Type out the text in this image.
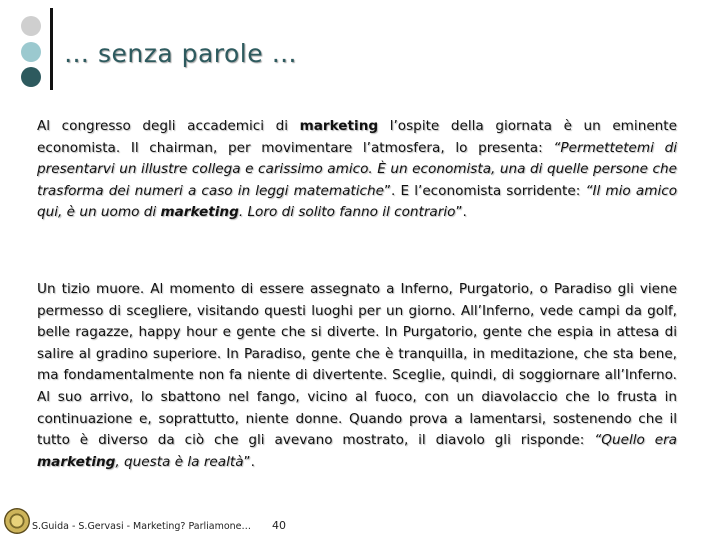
… senza parole …

Al congresso degli accademici di marketing l’ospite della giornata è un eminente economista. Il chairman, per movimentare l’atmosfera, lo presenta: “Permettetemi di presentarvi un illustre collega e carissimo amico. È un economista, una di quelle persone che trasforma dei numeri a caso in leggi matematiche”. E l’economista sorridente: “Il mio amico qui, è un uomo di marketing. Loro di solito fanno il contrario”.

Un tizio muore. Al momento di essere assegnato a Inferno, Purgatorio, o Paradiso gli viene permesso di scegliere, visitando questi luoghi per un giorno. All’Inferno, vede campi da golf, belle ragazze, happy hour e gente che si diverte. In Purgatorio, gente che espia in attesa di salire al gradino superiore. In Paradiso, gente che è tranquilla, in meditazione, che sta bene, ma fondamentalmente non fa niente di divertente. Sceglie, quindi, di soggiornare all’Inferno. Al suo arrivo, lo sbattono nel fango, vicino al fuoco, con un diavolaccio che lo frusta in continuazione e, soprattutto, niente donne. Quando prova a lamentarsi, sostenendo che il tutto è diverso da ciò che gli avevano mostrato, il diavolo gli risponde: “Quello era marketing, questa è la realtà”.

S.Guida - S.Gervasi - Marketing? Parliamone… 40
